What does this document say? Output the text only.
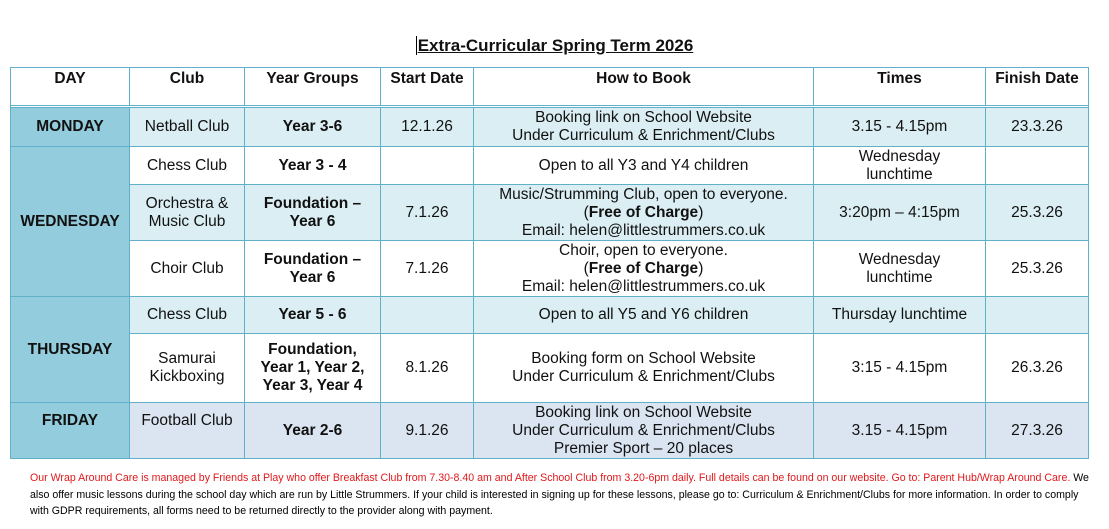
Extra-Curricular Spring Term 2026
DAY	Club	Year Groups	Start Date	How to Book	Times	Finish Date

MONDAY	Netball Club	Year 3-6	12.1.26	Booking link on School Website
Under Curriculum & Enrichment/Clubs	3.15 - 4.15pm	23.3.26
WEDNESDAY	Chess Club	Year 3 - 4		Open to all Y3 and Y4 children	Wednesday lunchtime	
	Orchestra & Music Club	Foundation – Year 6	7.1.26	Music/Strumming Club, open to everyone.
(Free of Charge)
Email: helen@littlestrummers.co.uk	3:20pm – 4:15pm	25.3.26
	Choir Club	Foundation – Year 6	7.1.26	Choir, open to everyone.
(Free of Charge)
Email: helen@littlestrummers.co.uk	Wednesday lunchtime	25.3.26
THURSDAY	Chess Club	Year 5 - 6		Open to all Y5 and Y6 children	Thursday lunchtime	
	Samurai Kickboxing	Foundation, Year 1, Year 2, Year 3, Year 4	8.1.26	Booking form on School Website
Under Curriculum & Enrichment/Clubs	3:15 - 4.15pm	26.3.26
FRIDAY	Football Club	Year 2-6	9.1.26	Booking link on School Website
Under Curriculum & Enrichment/Clubs
Premier Sport – 20 places	3.15 - 4.15pm	27.3.26
Our Wrap Around Care is managed by Friends at Play who offer Breakfast Club from 7.30-8.40 am and After School Club from 3.20-6pm daily. Full details can be found on our website. Go to: Parent Hub/Wrap Around Care. We also offer music lessons during the school day which are run by Little Strummers. If your child is interested in signing up for these lessons, please go to: Curriculum & Enrichment/Clubs for more information. In order to comply with GDPR requirements, all forms need to be returned directly to the provider along with payment.
